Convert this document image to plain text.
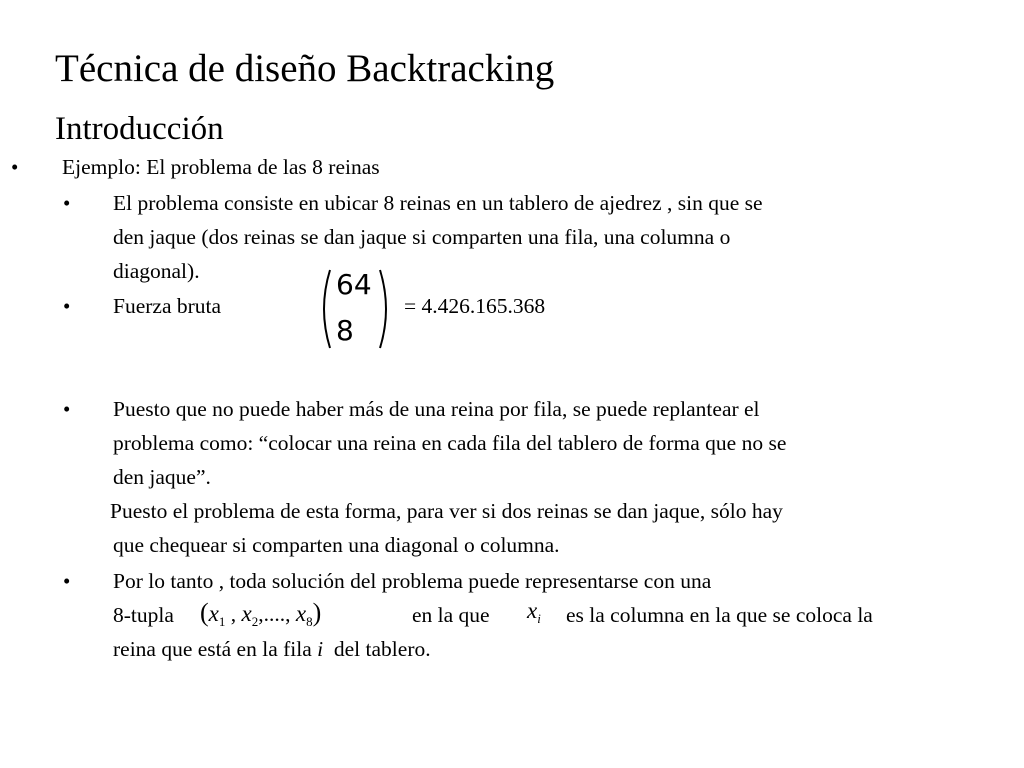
Técnica de diseño Backtracking
Introducción
• Ejemplo: El problema de las 8 reinas
• El problema consiste en ubicar 8 reinas en un tablero de ajedrez , sin que se
den jaque (dos reinas se dan jaque si comparten una fila, una columna o
diagonal).
• Fuerza bruta
64
8
= 4.426.165.368
• Puesto que no puede haber más de una reina por fila, se puede replantear el
problema como: “colocar una reina en cada fila del tablero de forma que no se
den jaque”.
Puesto el problema de esta forma, para ver si dos reinas se dan jaque, sólo hay
que chequear si comparten una diagonal o columna.
• Por lo tanto , toda solución del problema puede representarse con una
8-tupla ($x_1$ , $x_2$,...., $x_8$)	en la que $x_i$ es la columna en la que se coloca la
reina que está en la fila i del tablero.
